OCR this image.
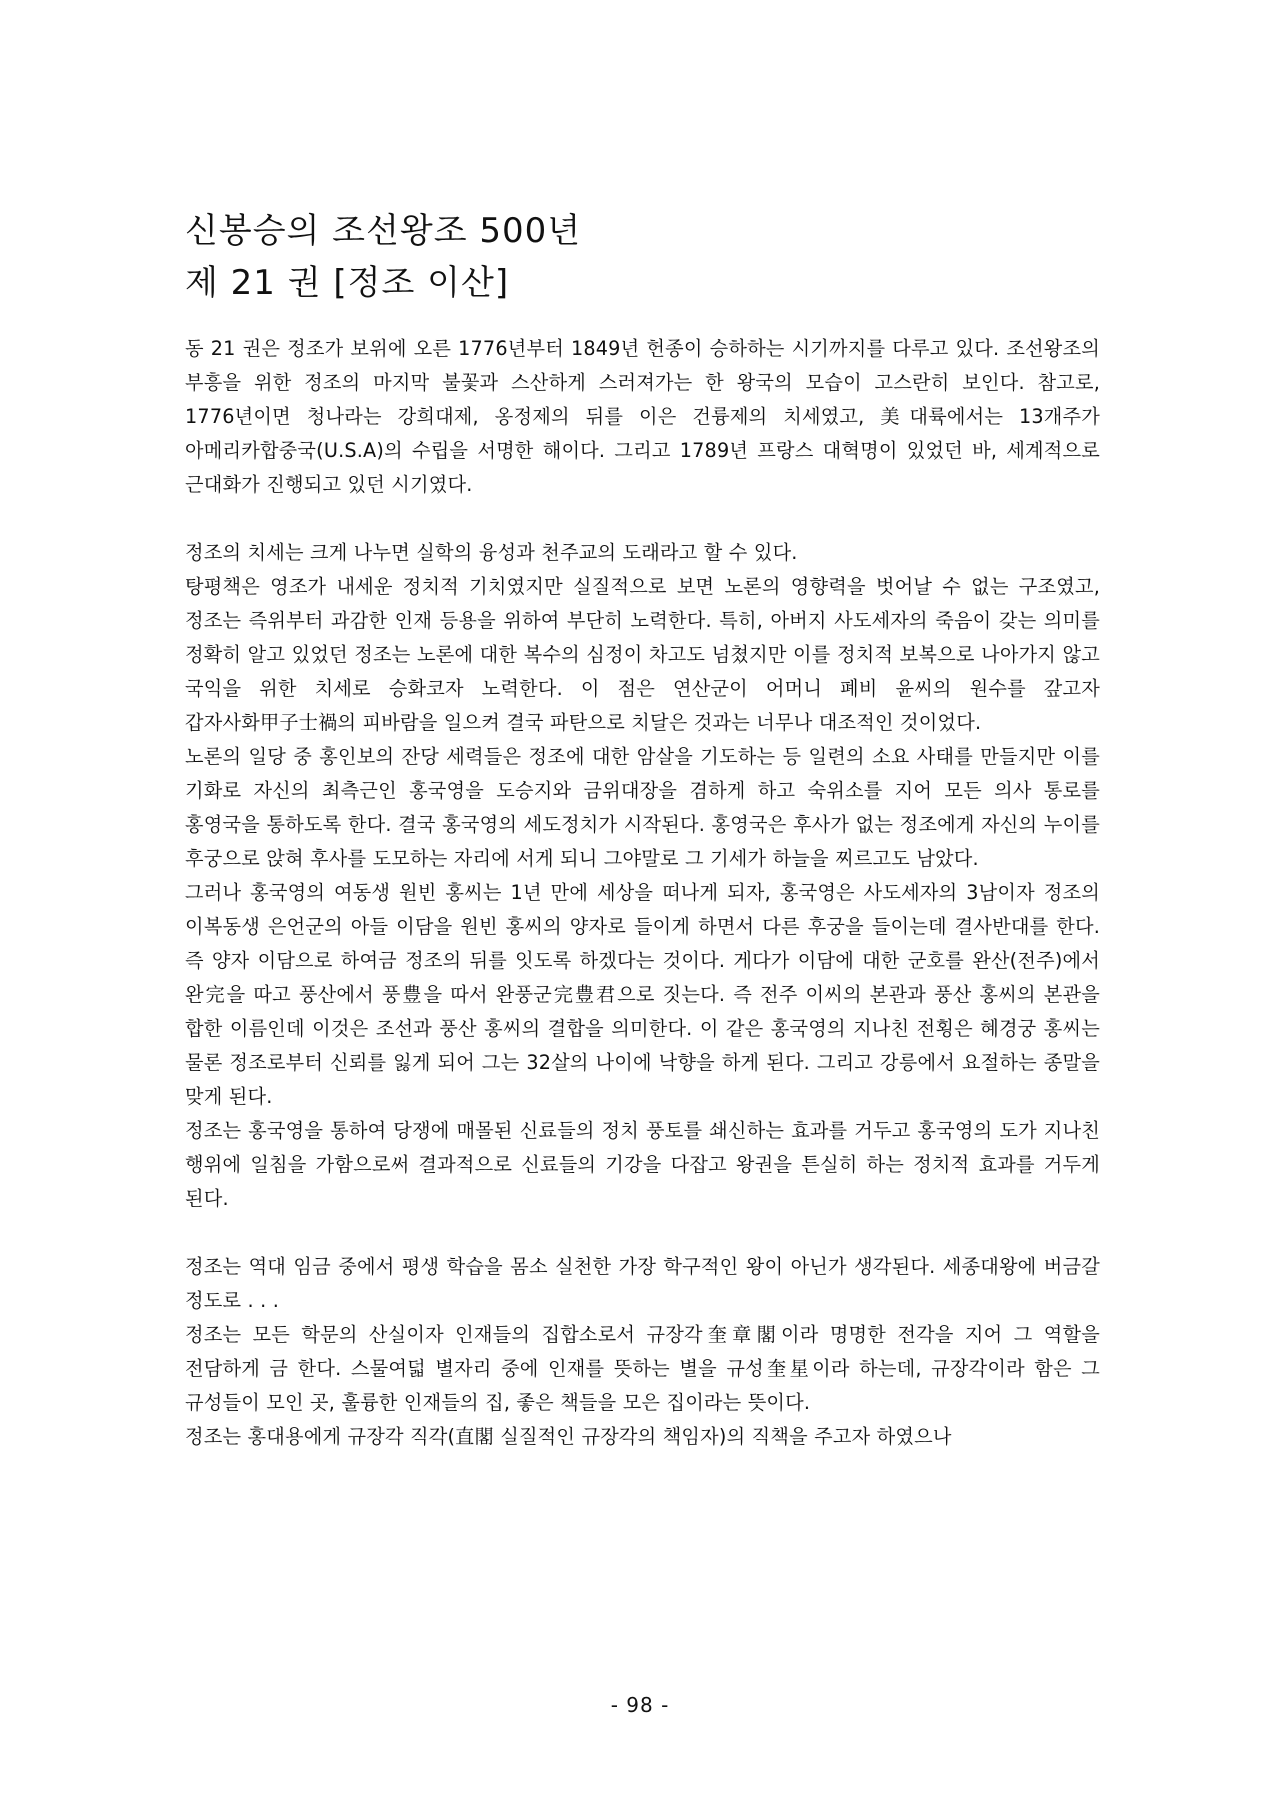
신봉승의 조선왕조 500년
제 21 권 [정조 이산]

동 21 권은 정조가 보위에 오른 1776년부터 1849년 헌종이 승하하는 시기까지를 다루고 있다. 조선왕조의 부흥을 위한 정조의 마지막 불꽃과 스산하게 스러져가는 한 왕국의 모습이 고스란히 보인다. 참고로, 1776년이면 청나라는 강희대제, 옹정제의 뒤를 이은 건륭제의 치세였고, 美대륙에서는 13개주가 아메리카합중국(U.S.A)의 수립을 서명한 해이다. 그리고 1789년 프랑스 대혁명이 있었던 바, 세계적으로 근대화가 진행되고 있던 시기였다.

정조의 치세는 크게 나누면 실학의 융성과 천주교의 도래라고 할 수 있다.

탕평책은 영조가 내세운 정치적 기치였지만 실질적으로 보면 노론의 영향력을 벗어날 수 없는 구조였고, 정조는 즉위부터 과감한 인재 등용을 위하여 부단히 노력한다. 특히, 아버지 사도세자의 죽음이 갖는 의미를 정확히 알고 있었던 정조는 노론에 대한 복수의 심정이 차고도 넘쳤지만 이를 정치적 보복으로 나아가지 않고 국익을 위한 치세로 승화코자 노력한다. 이 점은 연산군이 어머니 폐비 윤씨의 원수를 갚고자 갑자사화甲子士禍의 피바람을 일으켜 결국 파탄으로 치달은 것과는 너무나 대조적인 것이었다.

노론의 일당 중 홍인보의 잔당 세력들은 정조에 대한 암살을 기도하는 등 일련의 소요 사태를 만들지만 이를 기화로 자신의 최측근인 홍국영을 도승지와 금위대장을 겸하게 하고 숙위소를 지어 모든 의사 통로를 홍영국을 통하도록 한다. 결국 홍국영의 세도정치가 시작된다. 홍영국은 후사가 없는 정조에게 자신의 누이를 후궁으로 앉혀 후사를 도모하는 자리에 서게 되니 그야말로 그 기세가 하늘을 찌르고도 남았다.

그러나 홍국영의 여동생 원빈 홍씨는 1년 만에 세상을 떠나게 되자, 홍국영은 사도세자의 3남이자 정조의 이복동생 은언군의 아들 이담을 원빈 홍씨의 양자로 들이게 하면서 다른 후궁을 들이는데 결사반대를 한다. 즉 양자 이담으로 하여금 정조의 뒤를 잇도록 하겠다는 것이다. 게다가 이담에 대한 군호를 완산(전주)에서 완完을 따고 풍산에서 풍豊을 따서 완풍군完豊君으로 짓는다. 즉 전주 이씨의 본관과 풍산 홍씨의 본관을 합한 이름인데 이것은 조선과 풍산 홍씨의 결합을 의미한다. 이 같은 홍국영의 지나친 전횡은 혜경궁 홍씨는 물론 정조로부터 신뢰를 잃게 되어 그는 32살의 나이에 낙향을 하게 된다. 그리고 강릉에서 요절하는 종말을 맞게 된다.

정조는 홍국영을 통하여 당쟁에 매몰된 신료들의 정치 풍토를 쇄신하는 효과를 거두고 홍국영의 도가 지나친 행위에 일침을 가함으로써 결과적으로 신료들의 기강을 다잡고 왕권을 튼실히 하는 정치적 효과를 거두게 된다.

정조는 역대 임금 중에서 평생 학습을 몸소 실천한 가장 학구적인 왕이 아닌가 생각된다. 세종대왕에 버금갈 정도로 . . .

정조는 모든 학문의 산실이자 인재들의 집합소로서 규장각奎章閣이라 명명한 전각을 지어 그 역할을 전담하게 금 한다. 스물여덟 별자리 중에 인재를 뜻하는 별을 규성奎星이라 하는데, 규장각이라 함은 그 규성들이 모인 곳, 훌륭한 인재들의 집, 좋은 책들을 모은 집이라는 뜻이다.

정조는 홍대용에게 규장각 직각(直閣 실질적인 규장각의 책임자)의 직책을 주고자 하였으나

- 98 -
